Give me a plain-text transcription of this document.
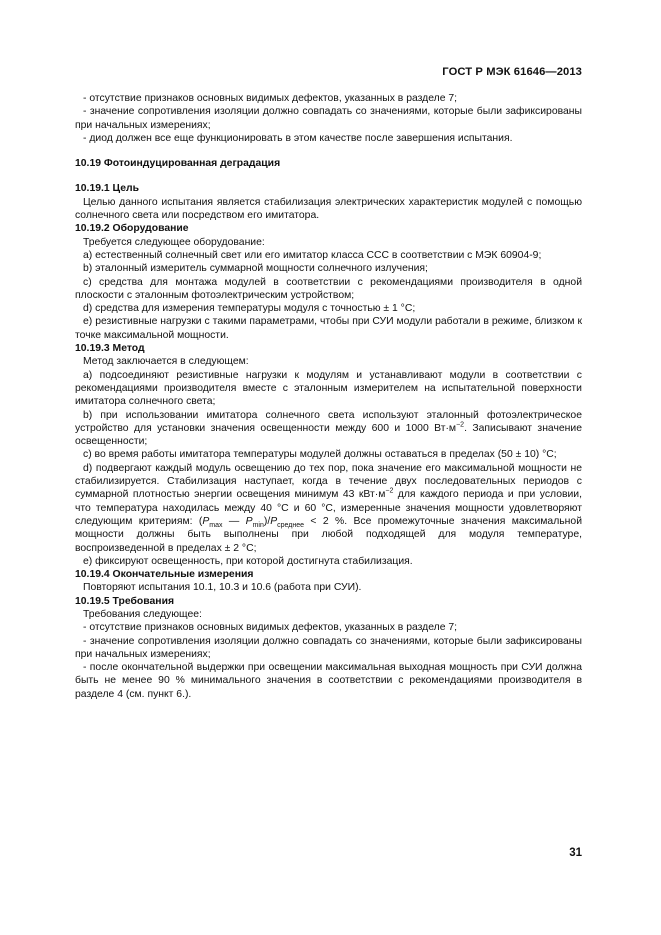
ГОСТ Р МЭК 61646—2013

- отсутствие признаков основных видимых дефектов, указанных в разделе 7;

- значение сопротивления изоляции должно совпадать со значениями, которые были зафиксированы при начальных измерениях;

- диод должен все еще функционировать в этом качестве после завершения испытания.

10.19 Фотоиндуцированная деградация

10.19.1 Цель

Целью данного испытания является стабилизация электрических характеристик модулей с помощью солнечного света или посредством его имитатора.

10.19.2 Оборудование

Требуется следующее оборудование:

a) естественный солнечный свет или его имитатор класса ССС в соответствии с МЭК 60904-9;

b) эталонный измеритель суммарной мощности солнечного излучения;

c) средства для монтажа модулей в соответствии с рекомендациями производителя в одной плоскости с эталонным фотоэлектрическим устройством;

d) средства для измерения температуры модуля с точностью ± 1 °С;

e) резистивные нагрузки с такими параметрами, чтобы при СУИ модули работали в режиме, близком к точке максимальной мощности.

10.19.3 Метод

Метод заключается в следующем:

a) подсоединяют резистивные нагрузки к модулям и устанавливают модули в соответствии с рекомендациями производителя вместе с эталонным измерителем на испытательной поверхности имитатора солнечного света;

b) при использовании имитатора солнечного света используют эталонный фотоэлектрическое устройство для установки значения освещенности между 600 и 1000 $Вт\cdot м^{-2}$. Записывают значение освещенности;

c) во время работы имитатора температуры модулей должны оставаться в пределах (50 ± 10) °С;

d) подвергают каждый модуль освещению до тех пор, пока значение его максимальной мощности не стабилизируется. Стабилизация наступает, когда в течение двух последовательных периодов с суммарной плотностью энергии освещения минимум 43 $кВт\cdot м^{-2}$ для каждого периода и при условии, что температура находилась между 40 °С и 60 °С, измеренные значения мощности удовлетворяют следующим критериям: ($P_{max}$ — $P_{min})/P_{среднее} < 2$ %. Все промежуточные значения максимальной мощности должны быть выполнены при любой подходящей для модуля температуре, воспроизведенной в пределах ± 2 °С;

e) фиксируют освещенность, при которой достигнута стабилизация.

10.19.4 Окончательные измерения

Повторяют испытания 10.1, 10.3 и 10.6 (работа при СУИ).

10.19.5 Требования

Требования следующее:

- отсутствие признаков основных видимых дефектов, указанных в разделе 7;

- значение сопротивления изоляции должно совпадать со значениями, которые были зафиксированы при начальных измерениях;

- после окончательной выдержки при освещении максимальная выходная мощность при СУИ должна быть не менее 90 % минимального значения в соответствии с рекомендациями производителя в разделе 4 (см. пункт 6.).

31
